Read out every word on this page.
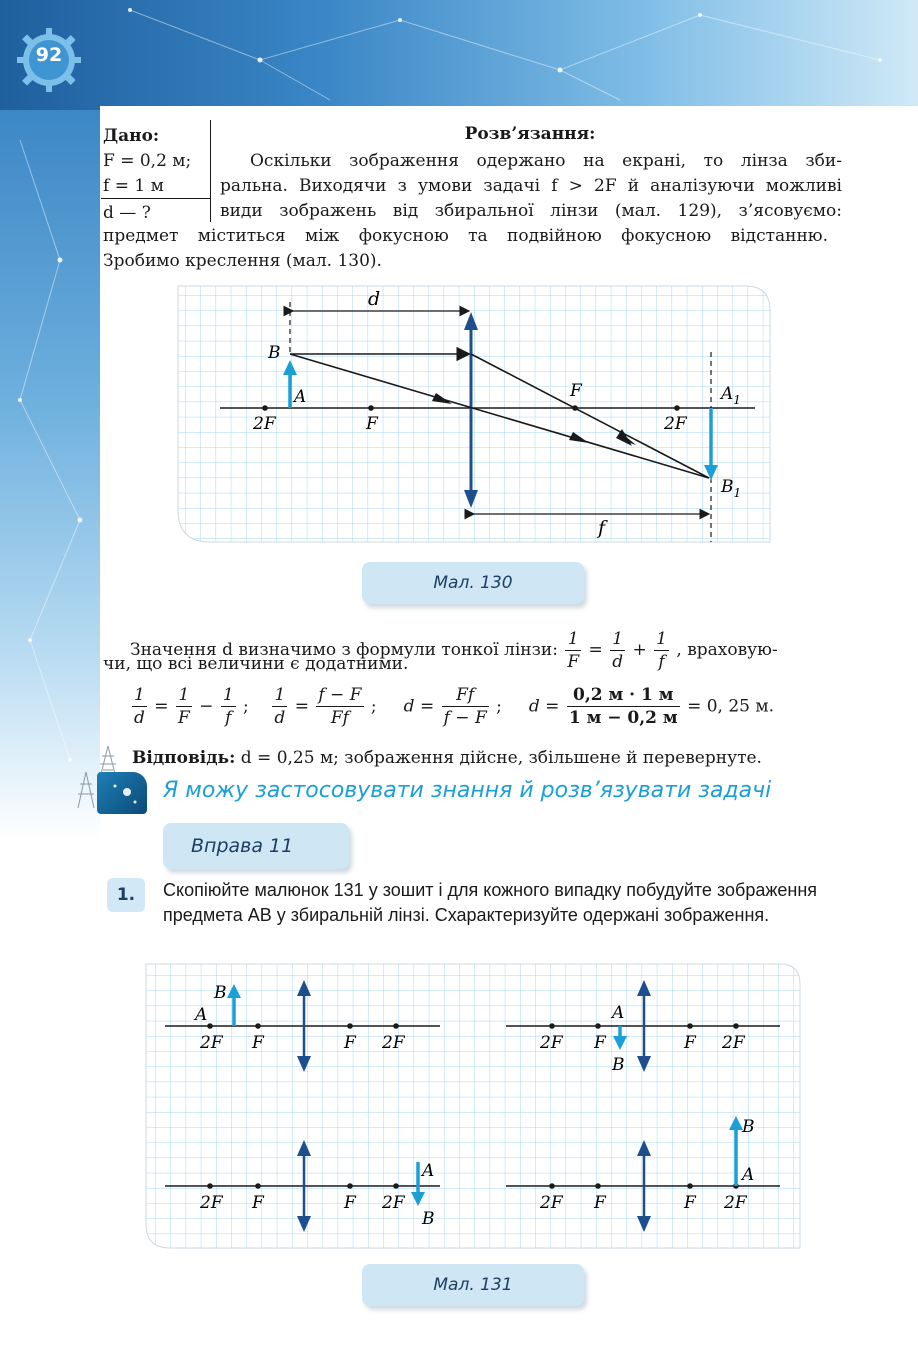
92
Дано:
F = 0,2 м;
f = 1 м
d — ?
Розв’язання:
Оскільки зображення одержано на екрані, то лінза зби-
ральна. Виходячи з умови задачі f > 2F й аналізуючи можливі
види зображень від збиральної лінзи (мал. 129), з’ясовуємо:
предмет міститься між фокусною та подвійною фокусною відстанню.
Зробимо креслення (мал. 130).
d
f
B
A	$A_1$
$B_1$
2F	F
F
2F
Мал. 130
Значення d визначимо з формули тонкої лінзи: $\frac{1}{F} = \frac{1}{d} + \frac{1}{f}$ , враховую-
чи, що всі величини є додатними.
$\frac{1}{d} = \frac{1}{F} - \frac{1}{f}$ ; $\frac{1}{d} = \frac{f - F}{Ff}$ ;     $d = \frac{Ff}{f - F}$ ;     $d = \frac{0,2 м \cdot 1 м}{1 м - 0,2 м} = 0$, 25 м.
Відповідь: d = 0,25 м; зображення дійсне, збільшене й перевернуте.
Я можу застосовувати знання й розв’язувати задачі
Вправа 11
1.	Скопіюйте малюнок 131 у зошит і для кожного випадку побудуйте зображення предмета AB у збиральній лінзі. Схарактеризуйте одержані зображення.
B
A
2F F	F 2F
A
B
2F F	F 2F
A
B
2F F	F 2F
B
A
2F F	F 2F
Мал. 131
